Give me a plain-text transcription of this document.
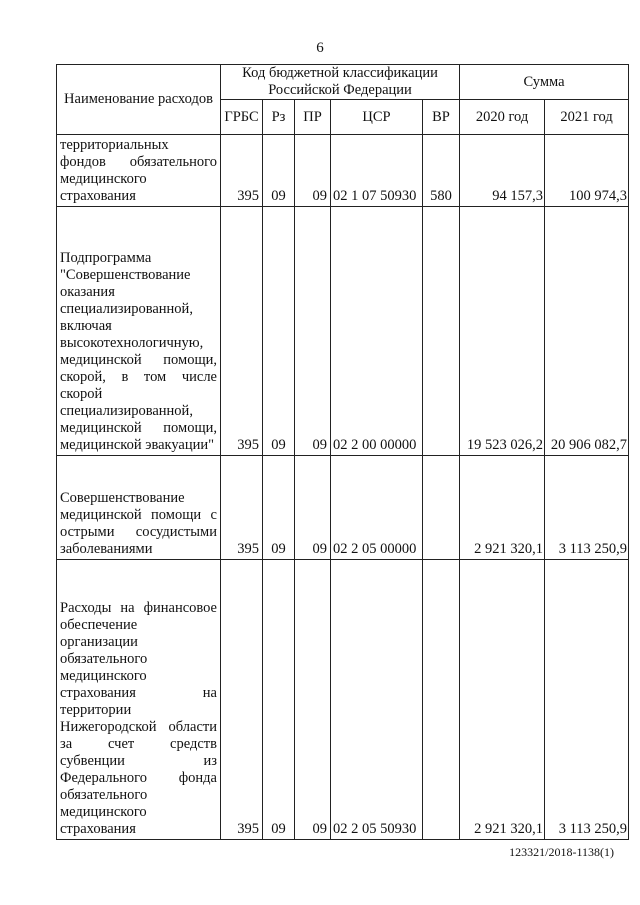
6
Наименование расходов	Код бюджетной классификации Российской Федерации					Сумма	
	ГРБС	Рз	ПР	ЦСР	ВР	2020 год	2021 год
территориальных фондов обязательного медицинского страхования	395	09	09	02 1 07 50930	580	94 157,3	100 974,3
Подпрограмма "Совершенствование оказания специализированной, включая высокотехнологичную, медицинской помощи, скорой, в том числе скорой специализированной, медицинской помощи, медицинской эвакуации"	395	09	09	02 2 00 00000		19 523 026,2	20 906 082,7
Совершенствование медицинской помощи с острыми сосудистыми заболеваниями	395	09	09	02 2 05 00000		2 921 320,1	3 113 250,9
Расходы на финансовое обеспечение организации обязательного медицинского страхования на территории Нижегородской области за счет средств субвенции из Федерального фонда обязательного медицинского страхования	395	09	09	02 2 05 50930		2 921 320,1	3 113 250,9
123321/2018-1138(1)
